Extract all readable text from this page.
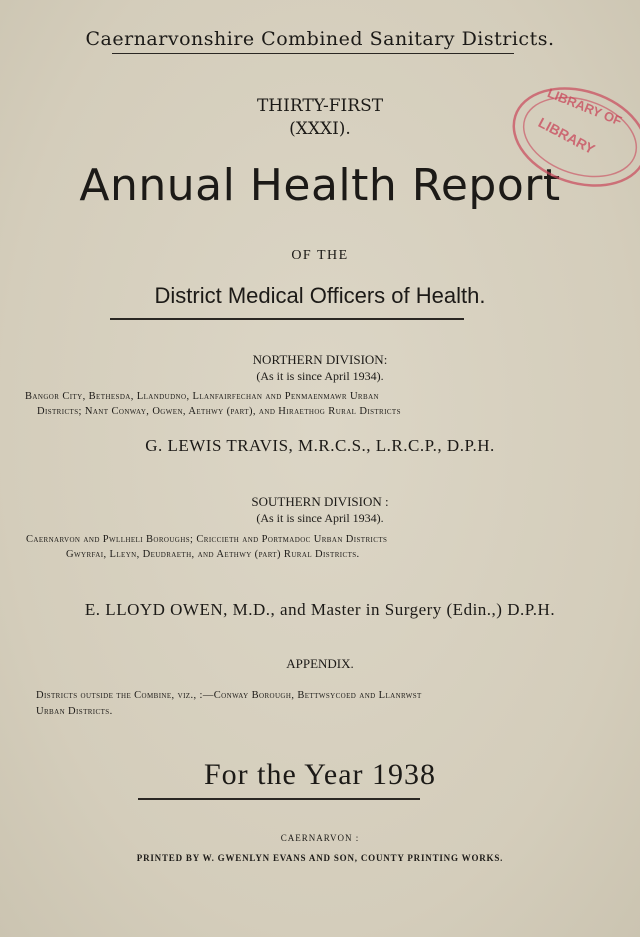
Caernarvonshire Combined Sanitary Districts.
THIRTY-FIRST
(XXXI).
Annual Health Report
OF THE
District Medical Officers of Health.
NORTHERN DIVISION:
(As it is since April 1934).
Bangor City, Bethesda, Llandudno, Llanfairfechan and Penmaenmawr Urban
Districts; Nant Conway, Ogwen, Aethwy (part), and Hiraethog Rural Districts
G. LEWIS TRAVIS, M.R.C.S., L.R.C.P., D.P.H.
SOUTHERN DIVISION :
(As it is since April 1934).
Caernarvon and Pwllheli Boroughs; Criccieth and Portmadoc Urban Districts
Gwyrfai, Lleyn, Deudraeth, and Aethwy (part) Rural Districts.
E. LLOYD OWEN, M.D., and Master in Surgery (Edin.,) D.P.H.
APPENDIX.
Districts outside the Combine, viz., :—Conway Borough, Bettwsycoed and Llanrwst
Urban Districts.
For the Year 1938
CAERNARVON :
PRINTED BY W. GWENLYN EVANS AND SON, COUNTY PRINTING WORKS.
LIBRARY OF
LIBRARY
